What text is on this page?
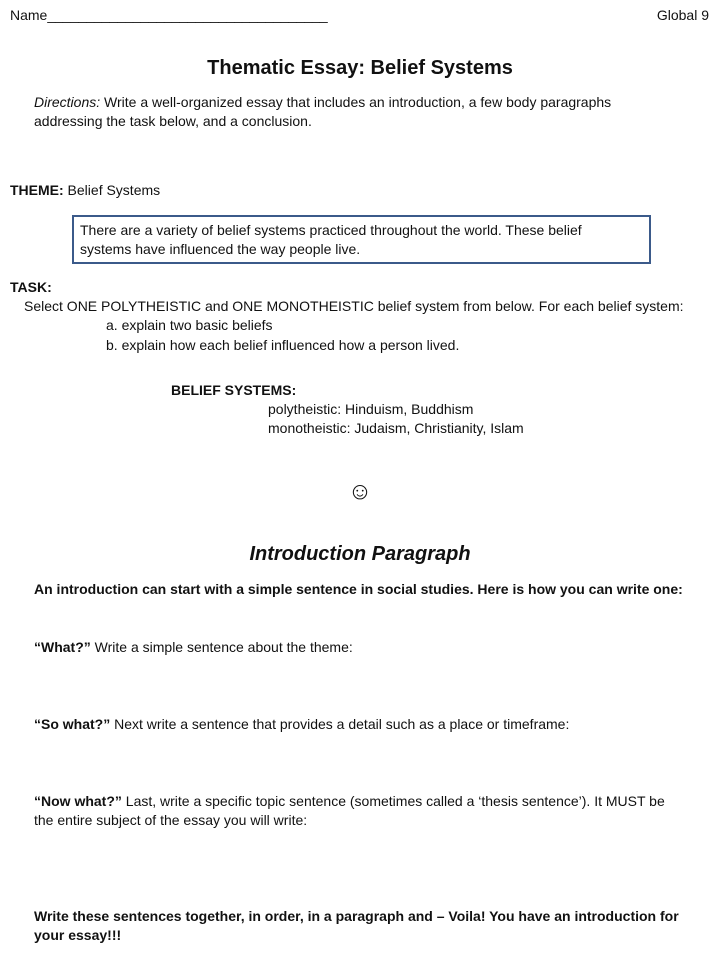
Name____________________________________	Global 9
Thematic Essay: Belief Systems
Directions: Write a well-organized essay that includes an introduction, a few body paragraphs
addressing the task below, and a conclusion.
THEME: Belief Systems
There are a variety of belief systems practiced throughout the world. These belief
systems have influenced the way people live.
TASK:
Select ONE POLYTHEISTIC and ONE MONOTHEISTIC belief system from below. For each belief system:
a. explain two basic beliefs
b. explain how each belief influenced how a person lived.
BELIEF SYSTEMS:
polytheistic: Hinduism, Buddhism
monotheistic: Judaism, Christianity, Islam
☺
Introduction Paragraph
An introduction can start with a simple sentence in social studies. Here is how you can write one:
“What?” Write a simple sentence about the theme:
“So what?” Next write a sentence that provides a detail such as a place or timeframe:
“Now what?” Last, write a specific topic sentence (sometimes called a ‘thesis sentence’). It MUST be
the entire subject of the essay you will write:
Write these sentences together, in order, in a paragraph and – Voila! You have an introduction for
your essay!!!
